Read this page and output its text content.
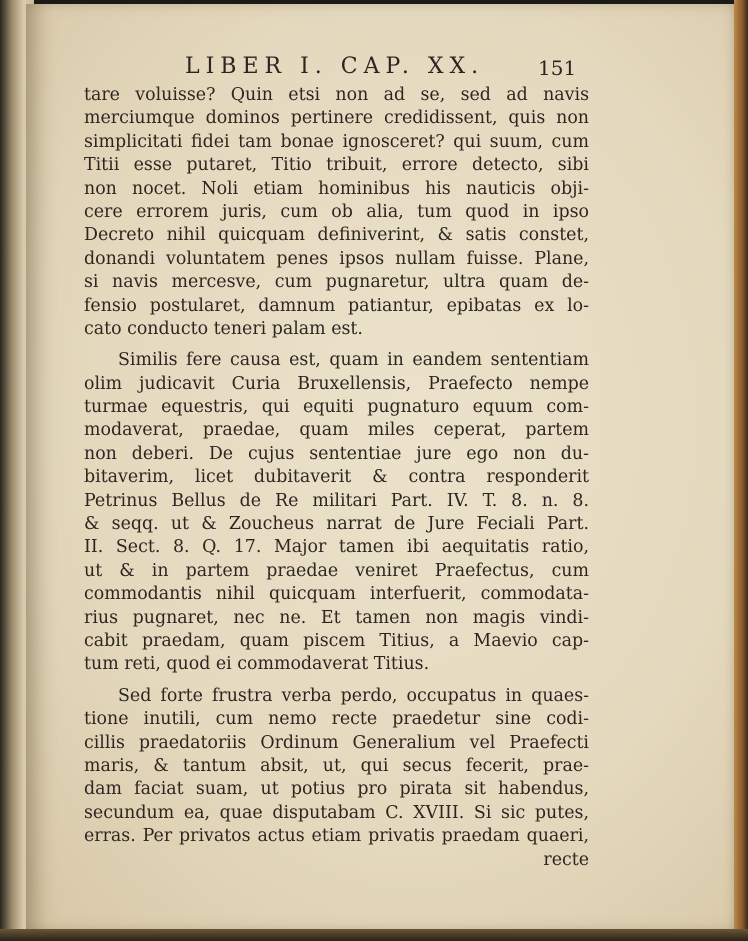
LIBER I. CAP. XX.	151
tare voluisse? Quin etsi non ad se, sed ad navis
merciumque dominos pertinere credidissent, quis non
simplicitati fidei tam bonae ignosceret? qui suum, cum
Titii esse putaret, Titio tribuit, errore detecto, sibi
non nocet. Noli etiam hominibus his nauticis obji-
cere errorem juris, cum ob alia, tum quod in ipso
Decreto nihil quicquam definiverint, & satis constet,
donandi voluntatem penes ipsos nullam fuisse. Plane,
si navis mercesve, cum pugnaretur, ultra quam de-
fensio postularet, damnum patiantur, epibatas ex lo-
cato conducto teneri palam est.
Similis fere causa est, quam in eandem sententiam
olim judicavit Curia Bruxellensis, Praefecto nempe
turmae equestris, qui equiti pugnaturo equum com-
modaverat, praedae, quam miles ceperat, partem
non deberi. De cujus sententiae jure ego non du-
bitaverim, licet dubitaverit & contra responderit
Petrinus Bellus de Re militari Part. IV. T. 8. n. 8.
& seqq. ut & Zoucheus narrat de Jure Feciali Part.
II. Sect. 8. Q. 17. Major tamen ibi aequitatis ratio,
ut & in partem praedae veniret Praefectus, cum
commodantis nihil quicquam interfuerit, commodata-
rius pugnaret, nec ne. Et tamen non magis vindi-
cabit praedam, quam piscem Titius, a Maevio cap-
tum reti, quod ei commodaverat Titius.
Sed forte frustra verba perdo, occupatus in quaes-
tione inutili, cum nemo recte praedetur sine codi-
cillis praedatoriis Ordinum Generalium vel Praefecti
maris, & tantum absit, ut, qui secus fecerit, prae-
dam faciat suam, ut potius pro pirata sit habendus,
secundum ea, quae disputabam C. XVIII. Si sic putes,
erras. Per privatos actus etiam privatis praedam quaeri,
recte
